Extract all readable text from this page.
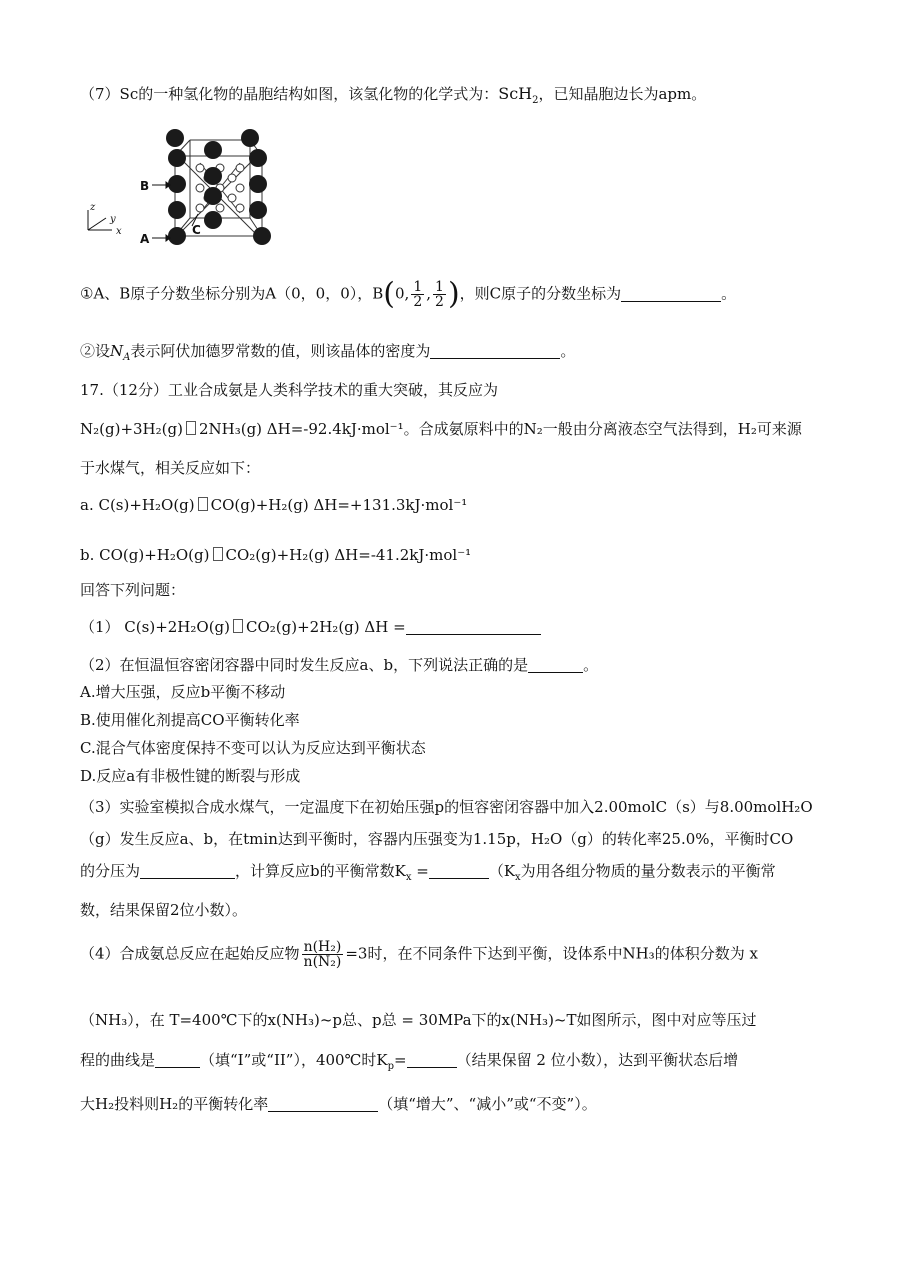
（7）Sc的一种氢化物的晶胞结构如图，该氢化物的化学式为：ScH$_2$，已知晶胞边长为apm。
B
A
C
z
y
x
①A、B原子分数坐标分别为A（0，0，0），B(0, $\frac{1}{2}$ , $\frac{1}{2}$ )，则C原子的分数坐标为	。
②设$N_A$表示阿伏加德罗常数的值，则该晶体的密度为	。
17.（12分）工业合成氨是人类科学技术的重大突破，其反应为
N₂(g)+3H₂(g) 2NH₃(g) ΔH=-92.4kJ·mol⁻¹。合成氨原料中的N₂一般由分离液态空气法得到，H₂可来源
于水煤气，相关反应如下：
a. C(s)+H₂O(g) CO(g)+H₂(g) ΔH=+131.3kJ·mol⁻¹
b. CO(g)+H₂O(g) CO₂(g)+H₂(g) ΔH=-41.2kJ·mol⁻¹
回答下列问题：
（1） C(s)+2H₂O(g) CO₂(g)+2H₂(g) ΔH =
（2）在恒温恒容密闭容器中同时发生反应a、b，下列说法正确的是	。
A.增大压强，反应b平衡不移动
B.使用催化剂提高CO平衡转化率
C.混合气体密度保持不变可以认为反应达到平衡状态
D.反应a有非极性键的断裂与形成
（3）实验室模拟合成水煤气，一定温度下在初始压强p的恒容密闭容器中加入2.00molC（s）与8.00molH₂O
（g）发生反应a、b，在tmin达到平衡时，容器内压强变为1.15p，H₂O（g）的转化率25.0%，平衡时CO
的分压为	，计算反应b的平衡常数$K_x$ =	（$K_x$为用各组分物质的量分数表示的平衡常
数，结果保留2位小数）。
（4）合成氨总反应在起始反应物 $\frac{\text{n(H₂)}}{\text{n(N₂)}} =3$时，在不同条件下达到平衡，设体系中NH₃的体积分数为 x
（NH₃），在 T=400℃下的x(NH₃)~p总、p总 = 30MPa下的x(NH₃)~T如图所示，图中对应等压过
程的曲线是	（填“I”或“II”），400℃时$K_p=$	（结果保留 2 位小数），达到平衡状态后增
大H₂投料则H₂的平衡转化率	（填“增大”、“减小”或“不变”）。
